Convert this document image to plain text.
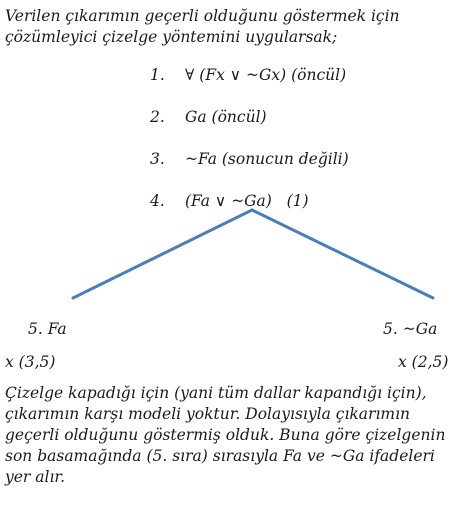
Verilen çıkarımın geçerli olduğunu göstermek için çözümleyici çizelge yöntemini uygularsak;
1. ∀ (Fx ∨ ~Gx) (öncül)
2. Ga (öncül)
3. ~Fa (sonucun değili)
4. (Fa ∨ ~Ga)   (1)
5. Fa
x (3,5)
5. ~Ga
x (2,5)
Çizelge kapadığı için (yani tüm dallar kapandığı için), çıkarımın karşı modeli yoktur. Dolayısıyla çıkarımın geçerli olduğunu göstermiş olduk. Buna göre çizelgenin son basamağında (5. sıra) sırasıyla Fa ve ~Ga ifadeleri yer alır.
